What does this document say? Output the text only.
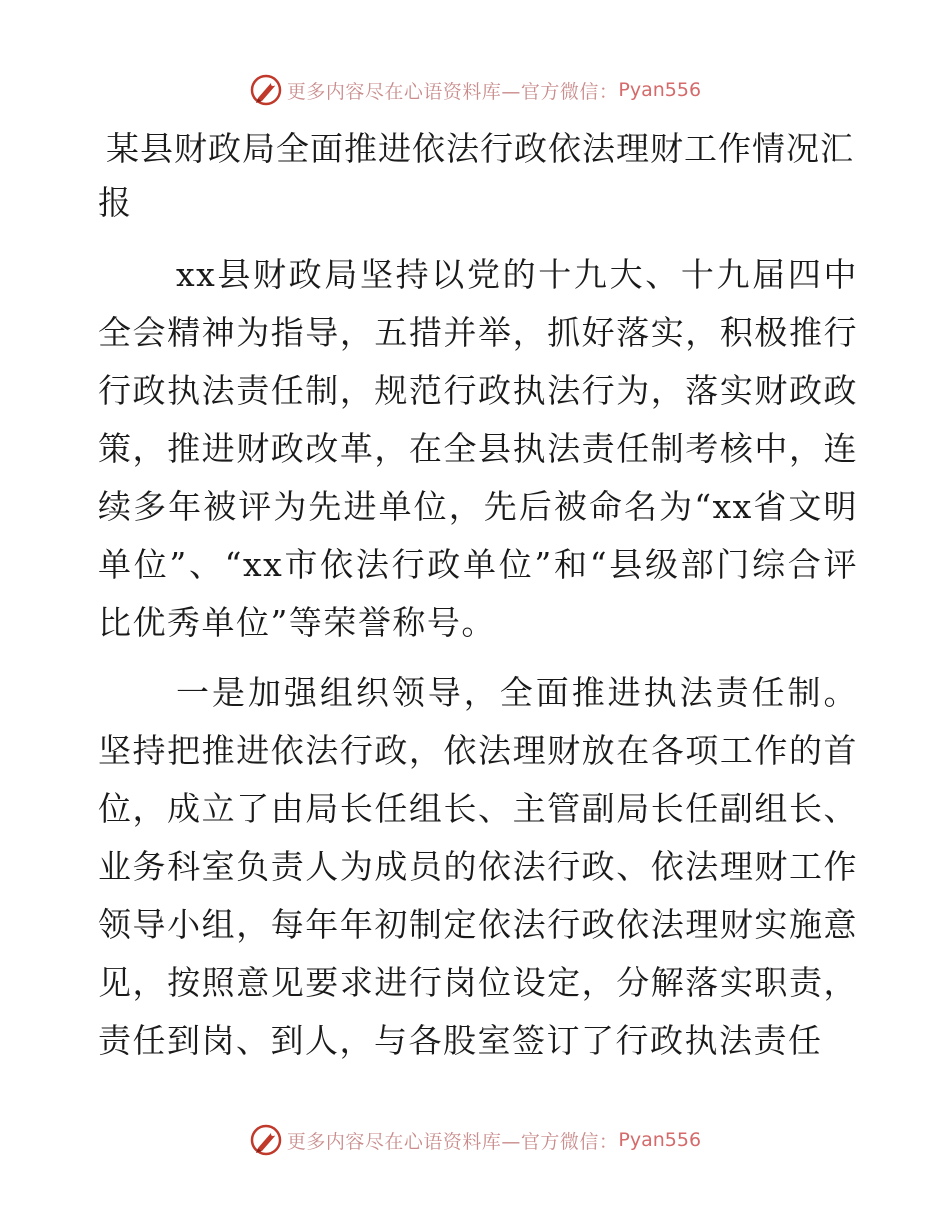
更多内容尽在心语资料库—官方微信： Pyan556
某县财政局全面推进依法行政依法理财工作情况汇报

xx县财政局坚持以党的十九大、十九届四中全会精神为指导，五措并举，抓好落实，积极推行行政执法责任制，规范行政执法行为，落实财政政策，推进财政改革，在全县执法责任制考核中，连续多年被评为先进单位，先后被命名为“xx省文明单位”、“xx市依法行政单位”和“县级部门综合评比优秀单位”等荣誉称号。

一是加强组织领导，全面推进执法责任制。坚持把推进依法行政，依法理财放在各项工作的首位，成立了由局长任组长、主管副局长任副组长、业务科室负责人为成员的依法行政、依法理财工作领导小组，每年年初制定依法行政依法理财实施意见，按照意见要求进行岗位设定，分解落实职责，责任到岗、到人，与各股室签订了行政执法责任

更多内容尽在心语资料库—官方微信： Pyan556
